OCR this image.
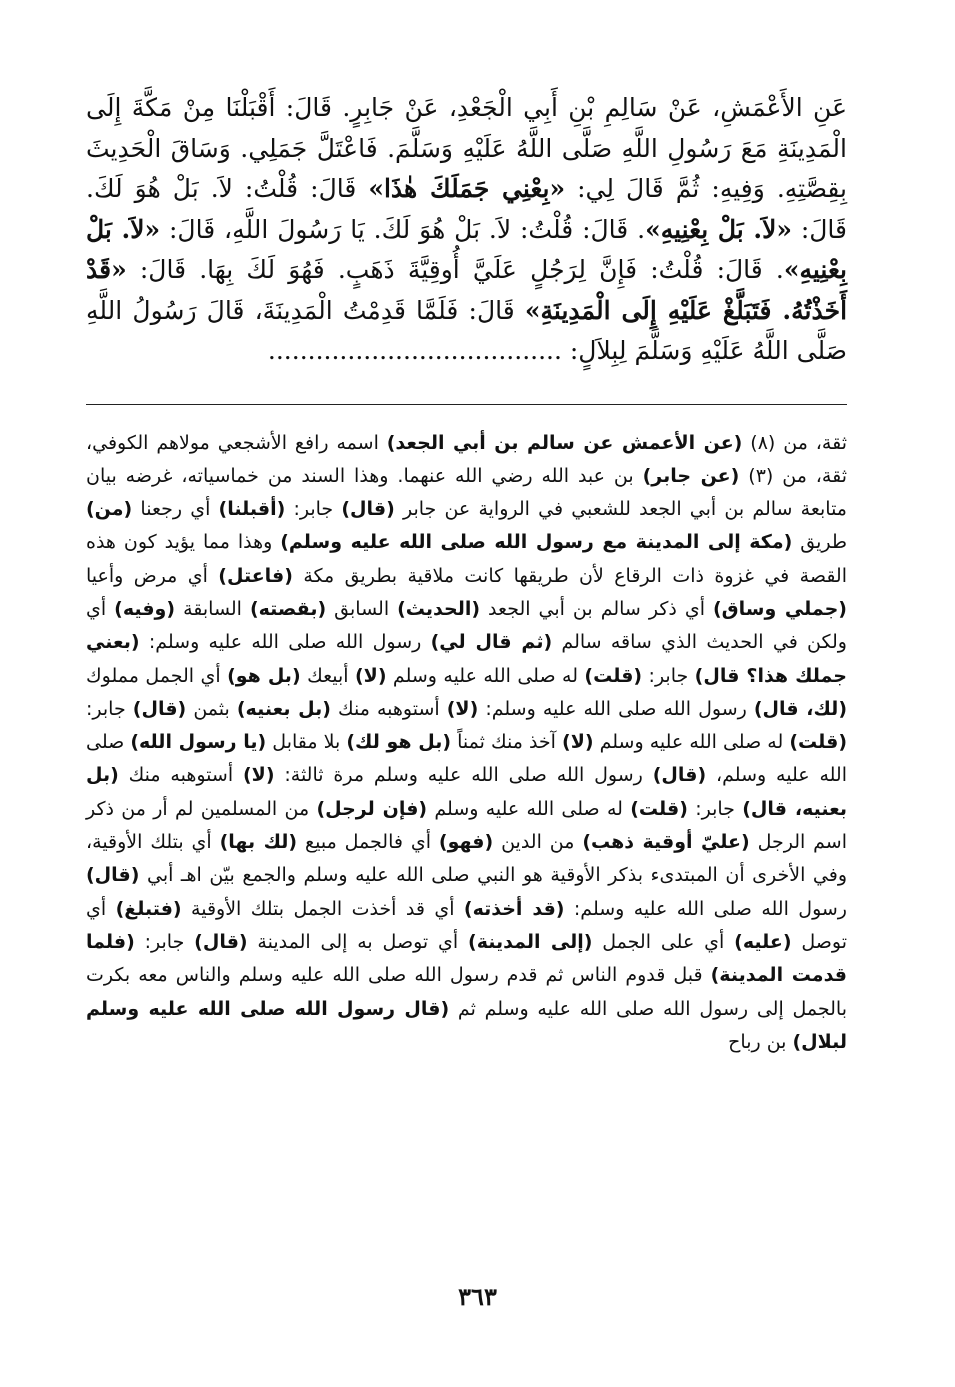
عَنِ الأَعْمَشِ، عَنْ سَالِمِ بْنِ أَبِي الْجَعْدِ، عَنْ جَابِرٍ. قَالَ: أَقْبَلْنَا مِنْ مَكَّةَ إِلَى الْمَدِينَةِ مَعَ رَسُولِ اللَّهِ صَلَّى اللَّهُ عَلَيْهِ وَسَلَّمَ. فَاعْتَلَّ جَمَلِي. وَسَاقَ الْحَدِيثَ بِقِصَّتِهِ. وَفِيهِ: ثُمَّ قَالَ لِي: «بِعْنِي جَمَلَكَ هٰذَا» قَالَ: قُلْتُ: لاَ. بَلْ هُوَ لَكَ. قَالَ: «لاَ. بَلْ بِعْنِيهِ». قَالَ: قُلْتُ: لاَ. بَلْ هُوَ لَكَ. يَا رَسُولَ اللَّهِ، قَالَ: «لاَ. بَلْ بِعْنِيهِ». قَالَ: قُلْتُ: فَإِنَّ لِرَجُلٍ عَلَيَّ أُوقِيَّةَ ذَهَبٍ. فَهُوَ لَكَ بِهَا. قَالَ: «قَدْ أَخَذْتُهُ. فَتَبَلَّغْ عَلَيْهِ إِلَى الْمَدِينَةِ» قَالَ: فَلَمَّا قَدِمْتُ الْمَدِينَةَ، قَالَ رَسُولُ اللَّهِ صَلَّى اللَّهُ عَلَيْهِ وَسَلَّمَ لِبِلاَلٍ: .....................................
ثقة، من (٨) (عن الأعمش عن سالم بن أبي الجعد) اسمه رافع الأشجعي مولاهم الكوفي، ثقة، من (٣) (عن جابر) بن عبد الله رضي الله عنهما. وهذا السند من خماسياته، غرضه بيان متابعة سالم بن أبي الجعد للشعبي في الرواية عن جابر (قال) جابر: (أقبلنا) أي رجعنا (من) طريق (مكة إلى المدينة مع رسول الله صلى الله عليه وسلم) وهذا مما يؤيد كون هذه القصة في غزوة ذات الرقاع لأن طريقها كانت ملاقية بطريق مكة (فاعتل) أي مرض وأعيا (جملي وساق) أي ذكر سالم بن أبي الجعد (الحديث) السابق (بقصته) السابقة (وفيه) أي ولكن في الحديث الذي ساقه سالم (ثم قال لي) رسول الله صلى الله عليه وسلم: (بعني جملك هذا؟ قال) جابر: (قلت) له صلى الله عليه وسلم (لا) أبيعك (بل هو) أي الجمل مملوك (لك، قال) رسول الله صلى الله عليه وسلم: (لا) أستوهبه منك (بل بعنيه) بثمن (قال) جابر: (قلت) له صلى الله عليه وسلم (لا) آخذ منك ثمناً (بل هو لك) بلا مقابل (يا رسول الله) صلى الله عليه وسلم، (قال) رسول الله صلى الله عليه وسلم مرة ثالثة: (لا) أستوهبه منك (بل بعنيه، قال) جابر: (قلت) له صلى الله عليه وسلم (فإن لرجل) من المسلمين لم أر من ذكر اسم الرجل (عليّ أوقية ذهب) من الدين (فهو) أي فالجمل مبيع (لك بها) أي بتلك الأوقية، وفي الأخرى أن المبتدىء بذكر الأوقية هو النبي صلى الله عليه وسلم والجمع بيّن اهـ أبي (قال) رسول الله صلى الله عليه وسلم: (قد أخذته) أي قد أخذت الجمل بتلك الأوقية (فتبلغ) أي توصل (عليه) أي على الجمل (إلى المدينة) أي توصل به إلى المدينة (قال) جابر: (فلما قدمت المدينة) قبل قدوم الناس ثم قدم رسول الله صلى الله عليه وسلم والناس معه بكرت بالجمل إلى رسول الله صلى الله عليه وسلم ثم (قال رسول الله صلى الله عليه وسلم لبلال) بن رباح
٣٦٣
